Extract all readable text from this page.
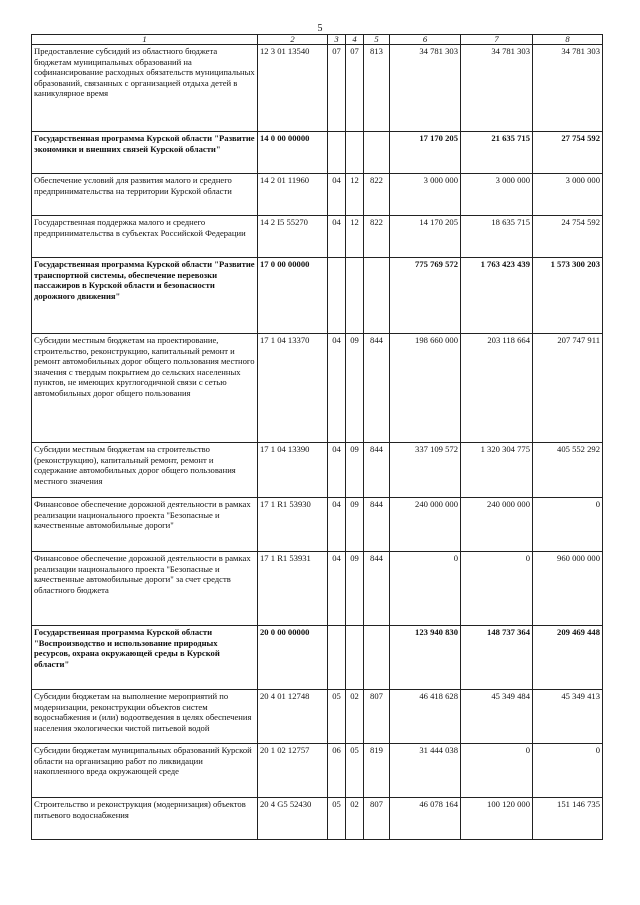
5
1	2	3	4	5	6	7	8
Предоставление субсидий из областного бюджета бюджетам муниципальных образований на софинансирование расходных обязательств муниципальных образований, связанных с организацией отдыха детей в каникулярное время	12 3 01 13540	07	07	813	34 781 303	34 781 303	34 781 303
Государственная программа Курской области "Развитие экономики и внешних связей Курской области"	14 0 00 00000				17 170 205	21 635 715	27 754 592
Обеспечение условий для развития малого и среднего предпринимательства на территории Курской области	14 2 01 11960	04	12	822	3 000 000	3 000 000	3 000 000
Государственная поддержка малого и среднего предпринимательства в субъектах Российской Федерации	14 2 I5 55270	04	12	822	14 170 205	18 635 715	24 754 592
Государственная программа Курской области "Развитие транспортной системы, обеспечение перевозки пассажиров в Курской области и безопасности дорожного движения"	17 0 00 00000				775 769 572	1 763 423 439	1 573 300 203
Субсидии местным бюджетам на проектирование, строительство, реконструкцию, капитальный ремонт и ремонт автомобильных дорог общего пользования местного значения с твердым покрытием до сельских населенных пунктов, не имеющих круглогодичной связи с сетью автомобильных дорог общего пользования	17 1 04 13370	04	09	844	198 660 000	203 118 664	207 747 911
Субсидии местным бюджетам на строительство (реконструкцию), капитальный ремонт, ремонт и содержание автомобильных дорог общего пользования местного значения	17 1 04 13390	04	09	844	337 109 572	1 320 304 775	405 552 292
Финансовое обеспечение дорожной деятельности в рамках реализации национального проекта "Безопасные и качественные автомобильные дороги"	17 1 R1 53930	04	09	844	240 000 000	240 000 000	0
Финансовое обеспечение дорожной деятельности в рамках реализации национального проекта "Безопасные и качественные автомобильные дороги" за счет средств областного бюджета	17 1 R1 53931	04	09	844	0	0	960 000 000
Государственная программа Курской области "Воспроизводство и использование природных ресурсов, охрана окружающей среды в Курской области"	20 0 00 00000				123 940 830	148 737 364	209 469 448
Субсидии бюджетам на выполнение мероприятий по модернизации, реконструкции объектов систем водоснабжения и (или) водоотведения в целях обеспечения населения экологически чистой питьевой водой	20 4 01 12748	05	02	807	46 418 628	45 349 484	45 349 413
Субсидии бюджетам муниципальных образований Курской области на организацию работ по ликвидации накопленного вреда окружающей среде	20 1 02 12757	06	05	819	31 444 038	0	0
Строительство и реконструкция (модернизация) объектов питьевого водоснабжения	20 4 G5 52430	05	02	807	46 078 164	100 120 000	151 146 735
